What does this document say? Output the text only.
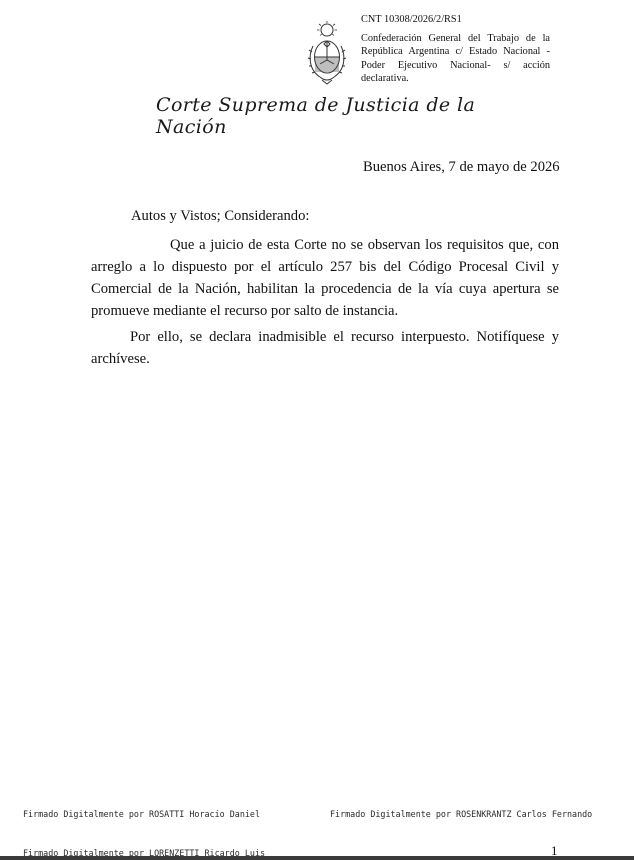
CNT 10308/2026/2/RS1
Confederación General del Trabajo de la República Argentina c/ Estado Nacional -Poder Ejecutivo Nacional- s/ acción declarativa.
Corte Suprema de Justicia de la Nación
Buenos Aires, 7 de mayo de 2026
Autos y Vistos; Considerando:
Que a juicio de esta Corte no se observan los requisitos que, con arreglo a lo dispuesto por el artículo 257 bis del Código Procesal Civil y Comercial de la Nación, habilitan la procedencia de la vía cuya apertura se promueve mediante el recurso por salto de instancia.
Por ello, se declara inadmisible el recurso interpuesto. Notifíquese y archívese.
Firmado Digitalmente por ROSATTI Horacio Daniel	Firmado Digitalmente por ROSENKRANTZ Carlos Fernando
Firmado Digitalmente por LORENZETTI Ricardo Luis	1
